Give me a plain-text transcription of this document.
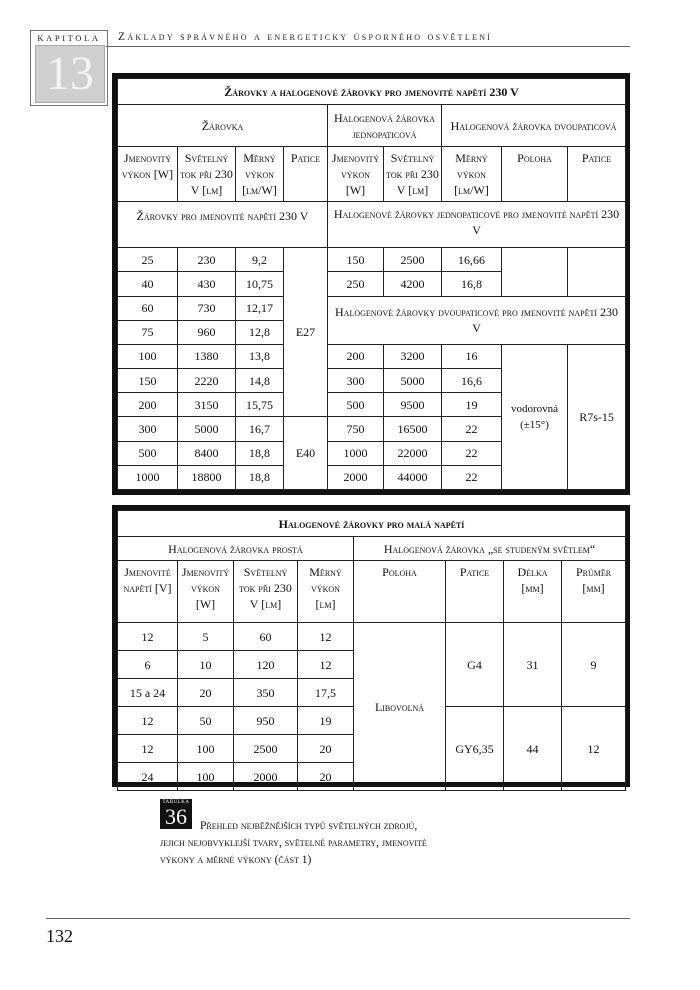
KAPITOLA
13
Základy správného a energeticky úsporného osvětlení
Žárovky a halogenové žárovky pro jmenovité napětí 230 V								
Žárovka				Halogenová žárovka jednopaticová		Halogenová žárovka dvoupaticová		
Jmenovitý výkon [W]	Světelný tok při 230 V [lm]	Měrný výkon [lm/W]	Patice	Jmenovitý výkon [W]	Světelný tok při 230 V [lm]	Měrný výkon [lm/W]	Poloha	Patice
Žárovky pro jmenovité napětí 230 V				Halogenové žárovky jednopaticové pro jmenovité napětí 230 V				
25	230	9,2	E27	150	2500	16,66		
40	430	10,75		250	4200	16,8		
60	730	12,17		Halogenové žárovky dvoupaticové pro jmenovité napětí 230 V				
75	960	12,8						
100	1380	13,8		200	3200	16	vodorovná (±15°)	R7s-15
150	2220	14,8		300	5000	16,6		
200	3150	15,75		500	9500	19		
300	5000	16,7	E40	750	16500	22		
500	8400	18,8		1000	22000	22		
1000	18800	18,8		2000	44000	22		
Halogenové žárovky pro malá napětí							
Halogenová žárovka prostá				Halogenová žárovka „se studeným světlem“			
Jmenovité napětí [V]	Jmenovitý výkon [W]	Světelný tok při 230 V [lm]	Měrný výkon [lm]	Poloha	Patice	Délka [mm]	Průměr [mm]
12	5	60	12	Libovolná	G4	31	9
6	10	120	12				
15 a 24	20	350	17,5				
12	50	950	19		GY6,35	44	12
12	100	2500	20				
24	100	2000	20				
TABULKA
36	Přehled nejběžnějších typů světelných zdrojů,
jejich nejobvyklejší tvary, světelné parametry, jmenovité
výkony a měrné výkony (část 1)
132
